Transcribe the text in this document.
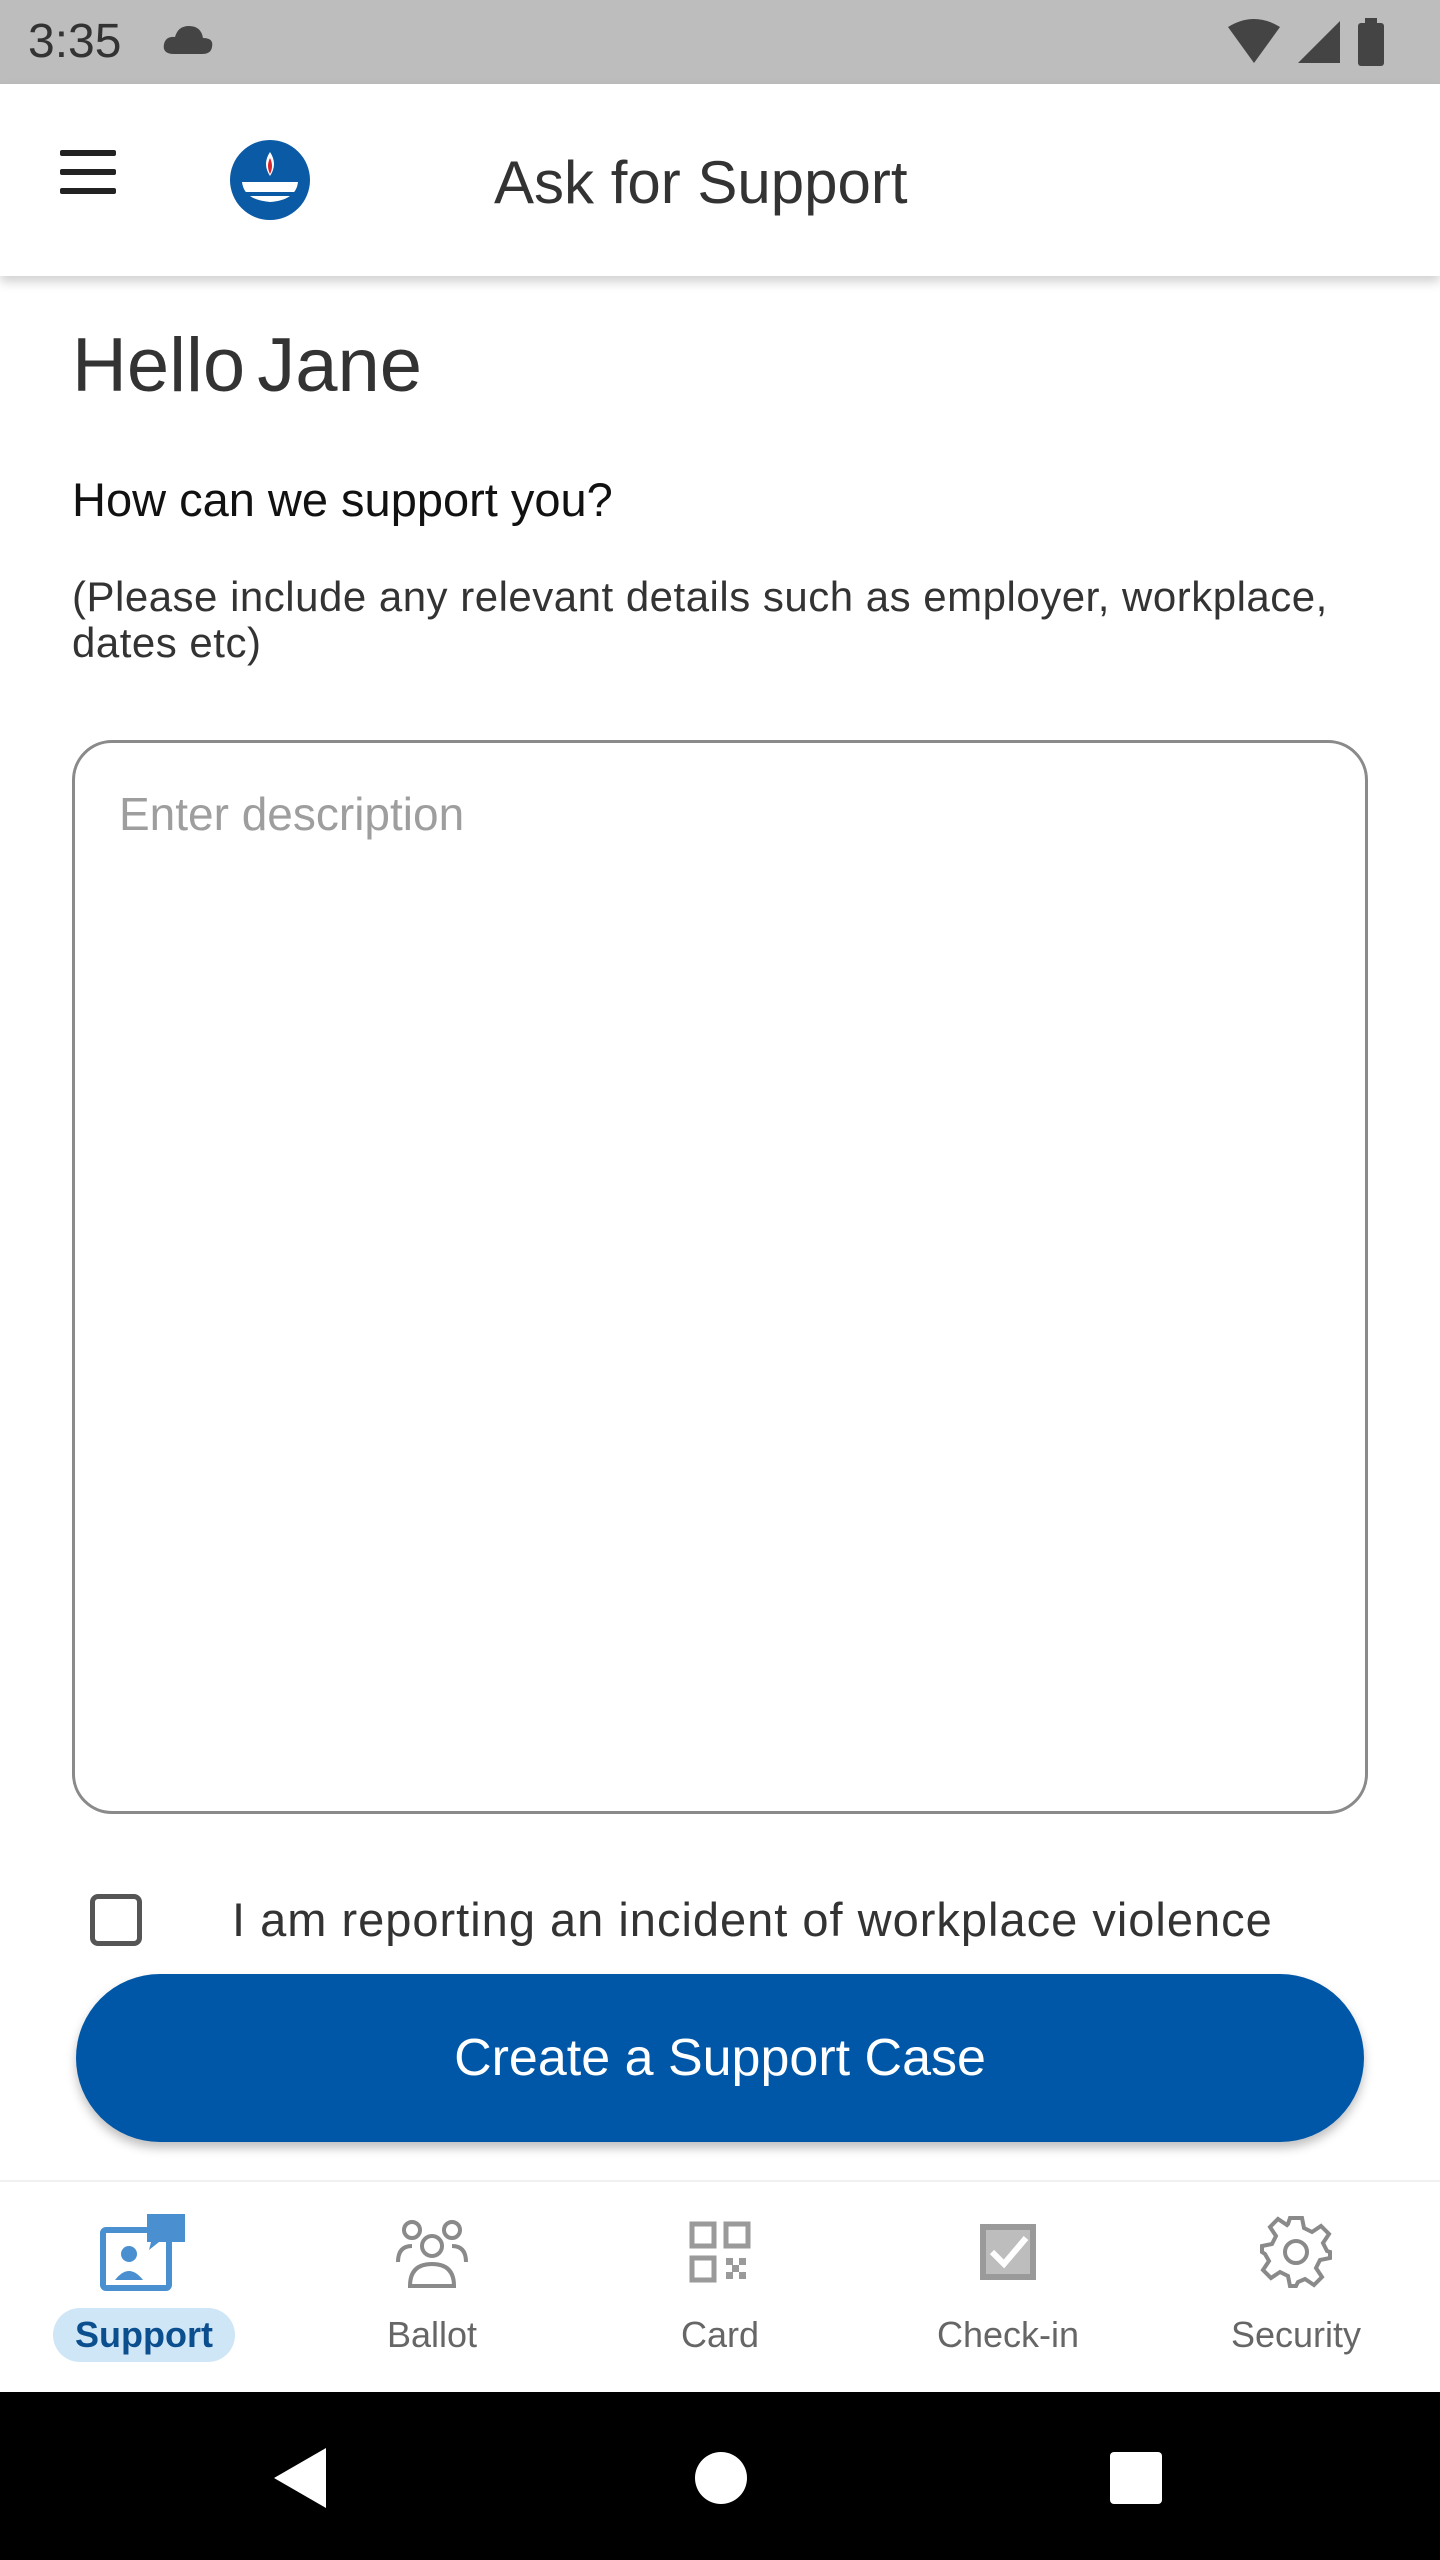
3:35
Ask for Support
Hello Jane
How can we support you?
(Please include any relevant details such as employer, workplace, dates etc)
Enter description
I am reporting an incident of workplace violence
Create a Support Case
Support	Ballot	Card	Check-in	Security
